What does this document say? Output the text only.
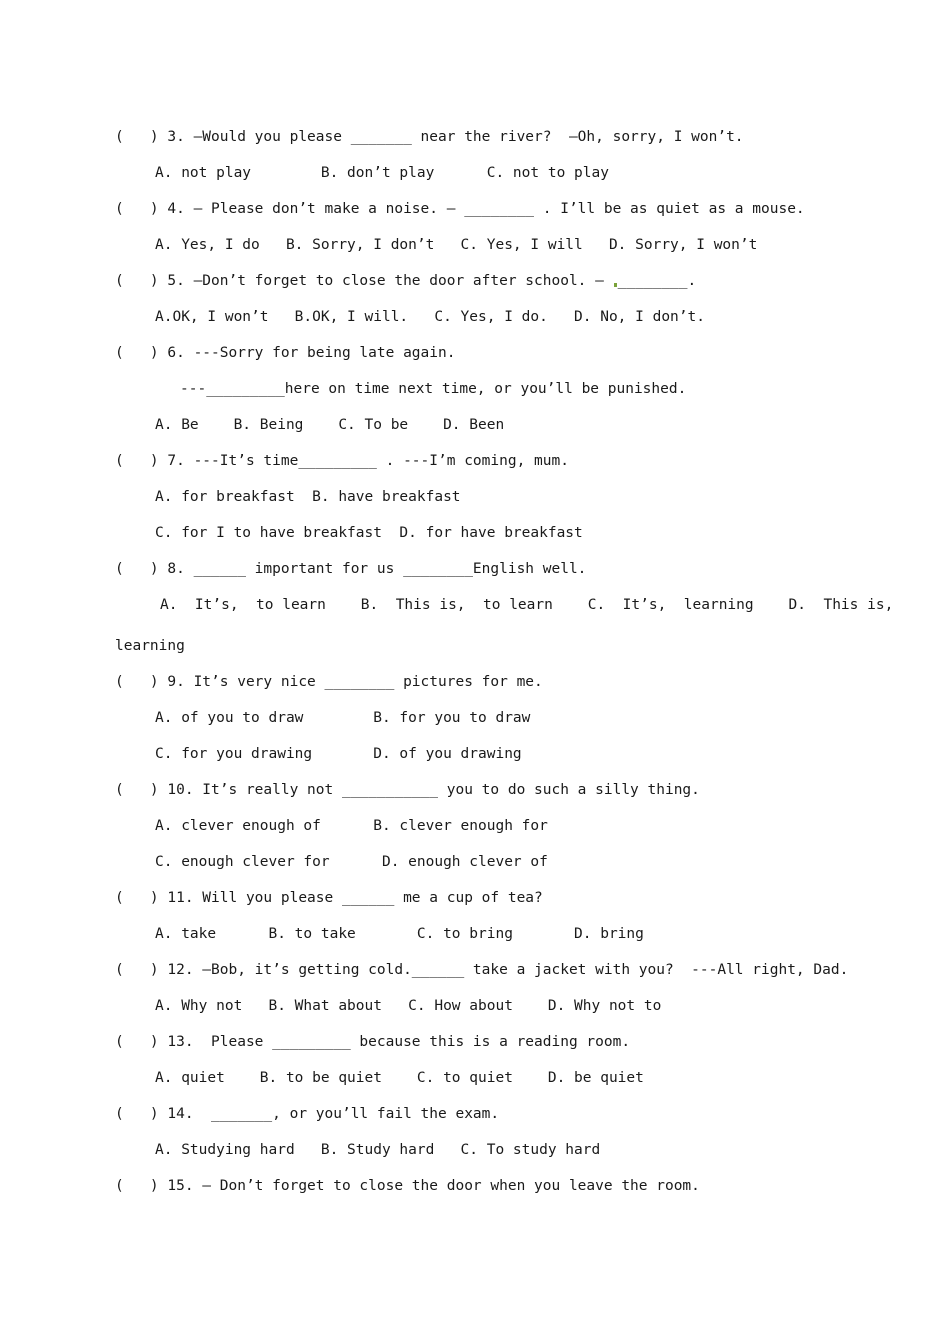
(   ) 3. —Would you please _______ near the river?  —Oh, sorry, I won’t.
A. not play        B. don’t play      C. not to play
(   ) 4. — Please don’t make a noise. — ________ . I’ll be as quiet as a mouse.
A. Yes, I do   B. Sorry, I don’t   C. Yes, I will   D. Sorry, I won’t
(   ) 5. —Don’t forget to close the door after school. — ________.
A.OK, I won’t   B.OK, I will.   C. Yes, I do.   D. No, I don’t.
(   ) 6. ---Sorry for being late again.
---_________here on time next time, or you’ll be punished.
A. Be    B. Being    C. To be    D. Been
(   ) 7. ---It’s time_________ . ---I’m coming, mum.
A. for breakfast  B. have breakfast
C. for I to have breakfast  D. for have breakfast
(   ) 8. ______ important for us ________English well.
A.  It’s,  to learn    B.  This is,  to learn    C.  It’s,  learning    D.  This is,
learning
(   ) 9. It’s very nice ________ pictures for me.
A. of you to draw        B. for you to draw
C. for you drawing       D. of you drawing
(   ) 10. It’s really not ___________ you to do such a silly thing.
A. clever enough of      B. clever enough for
C. enough clever for      D. enough clever of
(   ) 11. Will you please ______ me a cup of tea?
A. take      B. to take       C. to bring       D. bring
(   ) 12. —Bob, it’s getting cold.______ take a jacket with you?  ---All right, Dad.
A. Why not   B. What about   C. How about    D. Why not to
(   ) 13.  Please _________ because this is a reading room.
A. quiet    B. to be quiet    C. to quiet    D. be quiet
(   ) 14.  _______, or you’ll fail the exam.
A. Studying hard   B. Study hard   C. To study hard
(   ) 15. — Don’t forget to close the door when you leave the room.
